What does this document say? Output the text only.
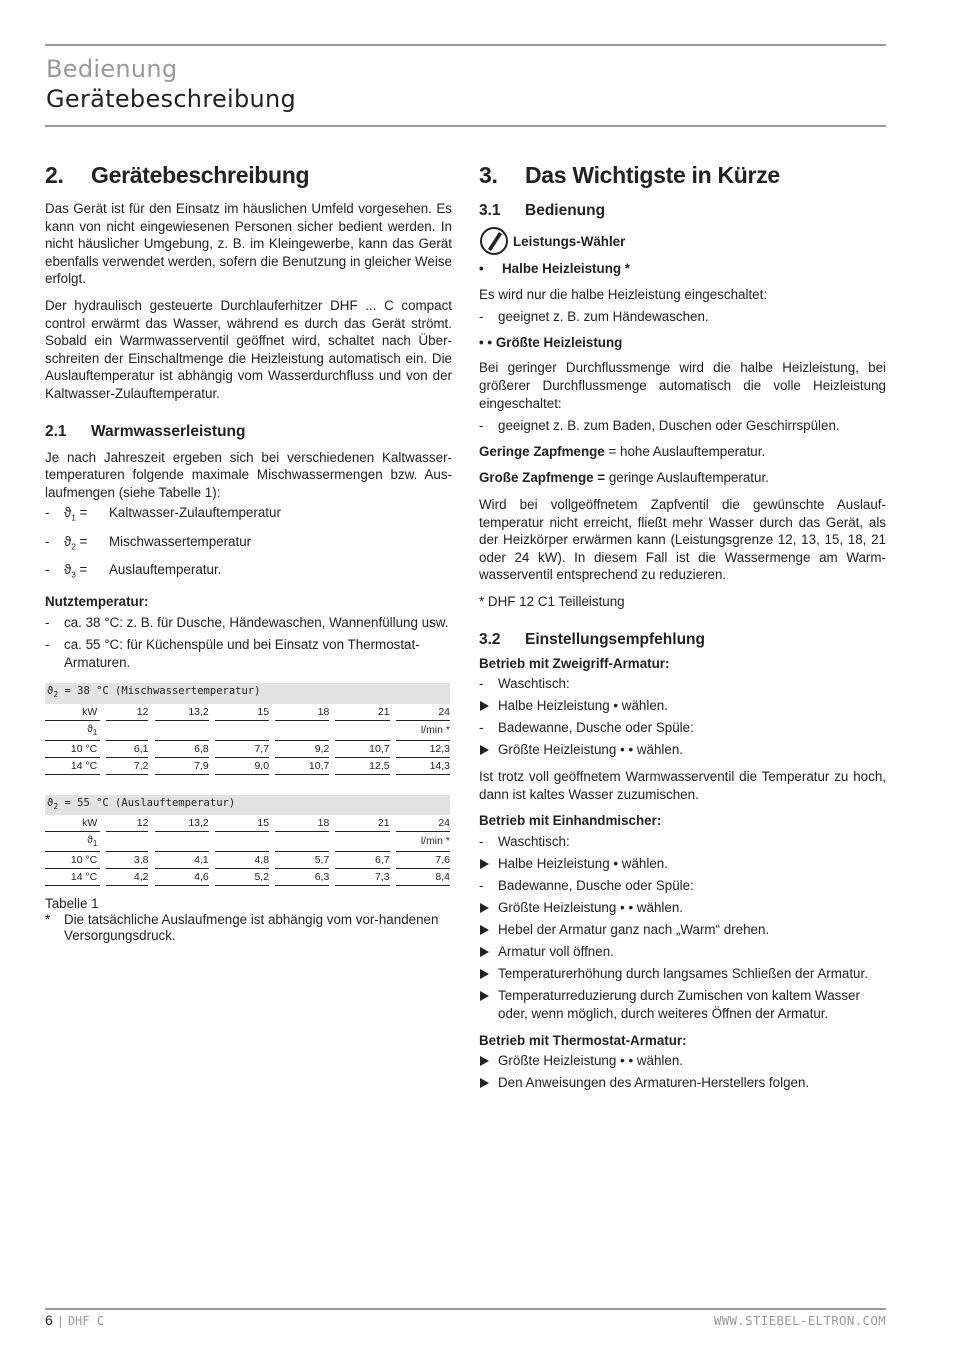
Bedienung
Gerätebeschreibung
2. Gerätebeschreibung

Das Gerät ist für den Einsatz im häuslichen Umfeld vorgesehen. Es kann von nicht eingewiesenen Personen sicher bedient werden. In nicht häuslicher Umgebung, z. B. im Kleingewerbe, kann das Gerät ebenfalls verwendet werden, sofern die Benutzung in gleicher Weise erfolgt.

Der hydraulisch gesteuerte Durchlauferhitzer DHF ... C compact control erwärmt das Wasser, während es durch das Gerät strömt. Sobald ein Warmwasserventil geöffnet wird, schaltet nach Über-schreiten der Einschaltmenge die Heizleistung automatisch ein. Die Auslauftemperatur ist abhängig vom Wasserdurchfluss und von der Kaltwasser-Zulauftemperatur.

2.1 Warmwasserleistung

Je nach Jahreszeit ergeben sich bei verschiedenen Kaltwasser-temperaturen folgende maximale Mischwassermengen bzw. Aus-laufmengen (siehe Tabelle 1):

- $ϑ_1$ = Kaltwasser-Zulauftemperatur
- $ϑ_2$ = Mischwassertemperatur
- $ϑ_3$ = Auslauftemperatur.

Nutztemperatur:

- ca. 38 °C: z. B. für Dusche, Händewaschen, Wannenfüllung usw.
- ca. 55 °C: für Küchenspüle und bei Einsatz von Thermostat-Armaturen.
$ϑ_2 = 38$ °C (Mischwassertemperatur)												
kW		12		13,2		15		18		21		24
$ϑ_1$												l/min *
10 °C		6,1		6,8		7,7		9,2		10,7		12,3
14 °C		7,2		7,9		9,0		10,7		12,5		14,3
$ϑ_2 = 55$ °C (Auslauftemperatur)												
kW		12		13,2		15		18		21		24
$ϑ_1$												l/min *
10 °C		3,8		4,1		4,8		5,7		6,7		7,6
14 °C		4,2		4,6		5,2		6,3		7,3		8,4

Tabelle 1

* Die tatsächliche Auslaufmenge ist abhängig vom vor-handenen Versorgungsdruck.
3. Das Wichtigste in Kürze
3.1 Bedienung
Leistungs-Wähler
• Halbe Heizleistung *

Es wird nur die halbe Heizleistung eingeschaltet:

- geeignet z. B. zum Händewaschen.
• • Größte Heizleistung

Bei geringer Durchflussmenge wird die halbe Heizleistung, bei größerer Durchflussmenge automatisch die volle Heizleistung eingeschaltet:

- geeignet z. B. zum Baden, Duschen oder Geschirrspülen.

Geringe Zapfmenge = hohe Auslauftemperatur.

Große Zapfmenge = geringe Auslauftemperatur.

Wird bei vollgeöffnetem Zapfventil die gewünschte Auslauf-temperatur nicht erreicht, fließt mehr Wasser durch das Gerät, als der Heizkörper erwärmen kann (Leistungsgrenze 12, 13, 15, 18, 21 oder 24 kW). In diesem Fall ist die Wassermenge am Warm-wasserventil entsprechend zu reduzieren.

* DHF 12 C1 Teilleistung

3.2 Einstellungsempfehlung

Betrieb mit Zweigriff-Armatur:

- Waschtisch:
Halbe Heizleistung • wählen.
- Badewanne, Dusche oder Spüle:
Größte Heizleistung • • wählen.

Ist trotz voll geöffnetem Warmwasserventil die Temperatur zu hoch, dann ist kaltes Wasser zuzumischen.

Betrieb mit Einhandmischer:

- Waschtisch:
Halbe Heizleistung • wählen.
- Badewanne, Dusche oder Spüle:
Größte Heizleistung • • wählen.
Hebel der Armatur ganz nach „Warm“ drehen.
Armatur voll öffnen.
Temperaturerhöhung durch langsames Schließen der Armatur.
Temperaturreduzierung durch Zumischen von kaltem Wasser oder, wenn möglich, durch weiteres Öffnen der Armatur.

Betrieb mit Thermostat-Armatur:

Größte Heizleistung • • wählen.
Den Anweisungen des Armaturen-Herstellers folgen.
6 | DHF C	WWW.STIEBEL-ELTRON.COM
